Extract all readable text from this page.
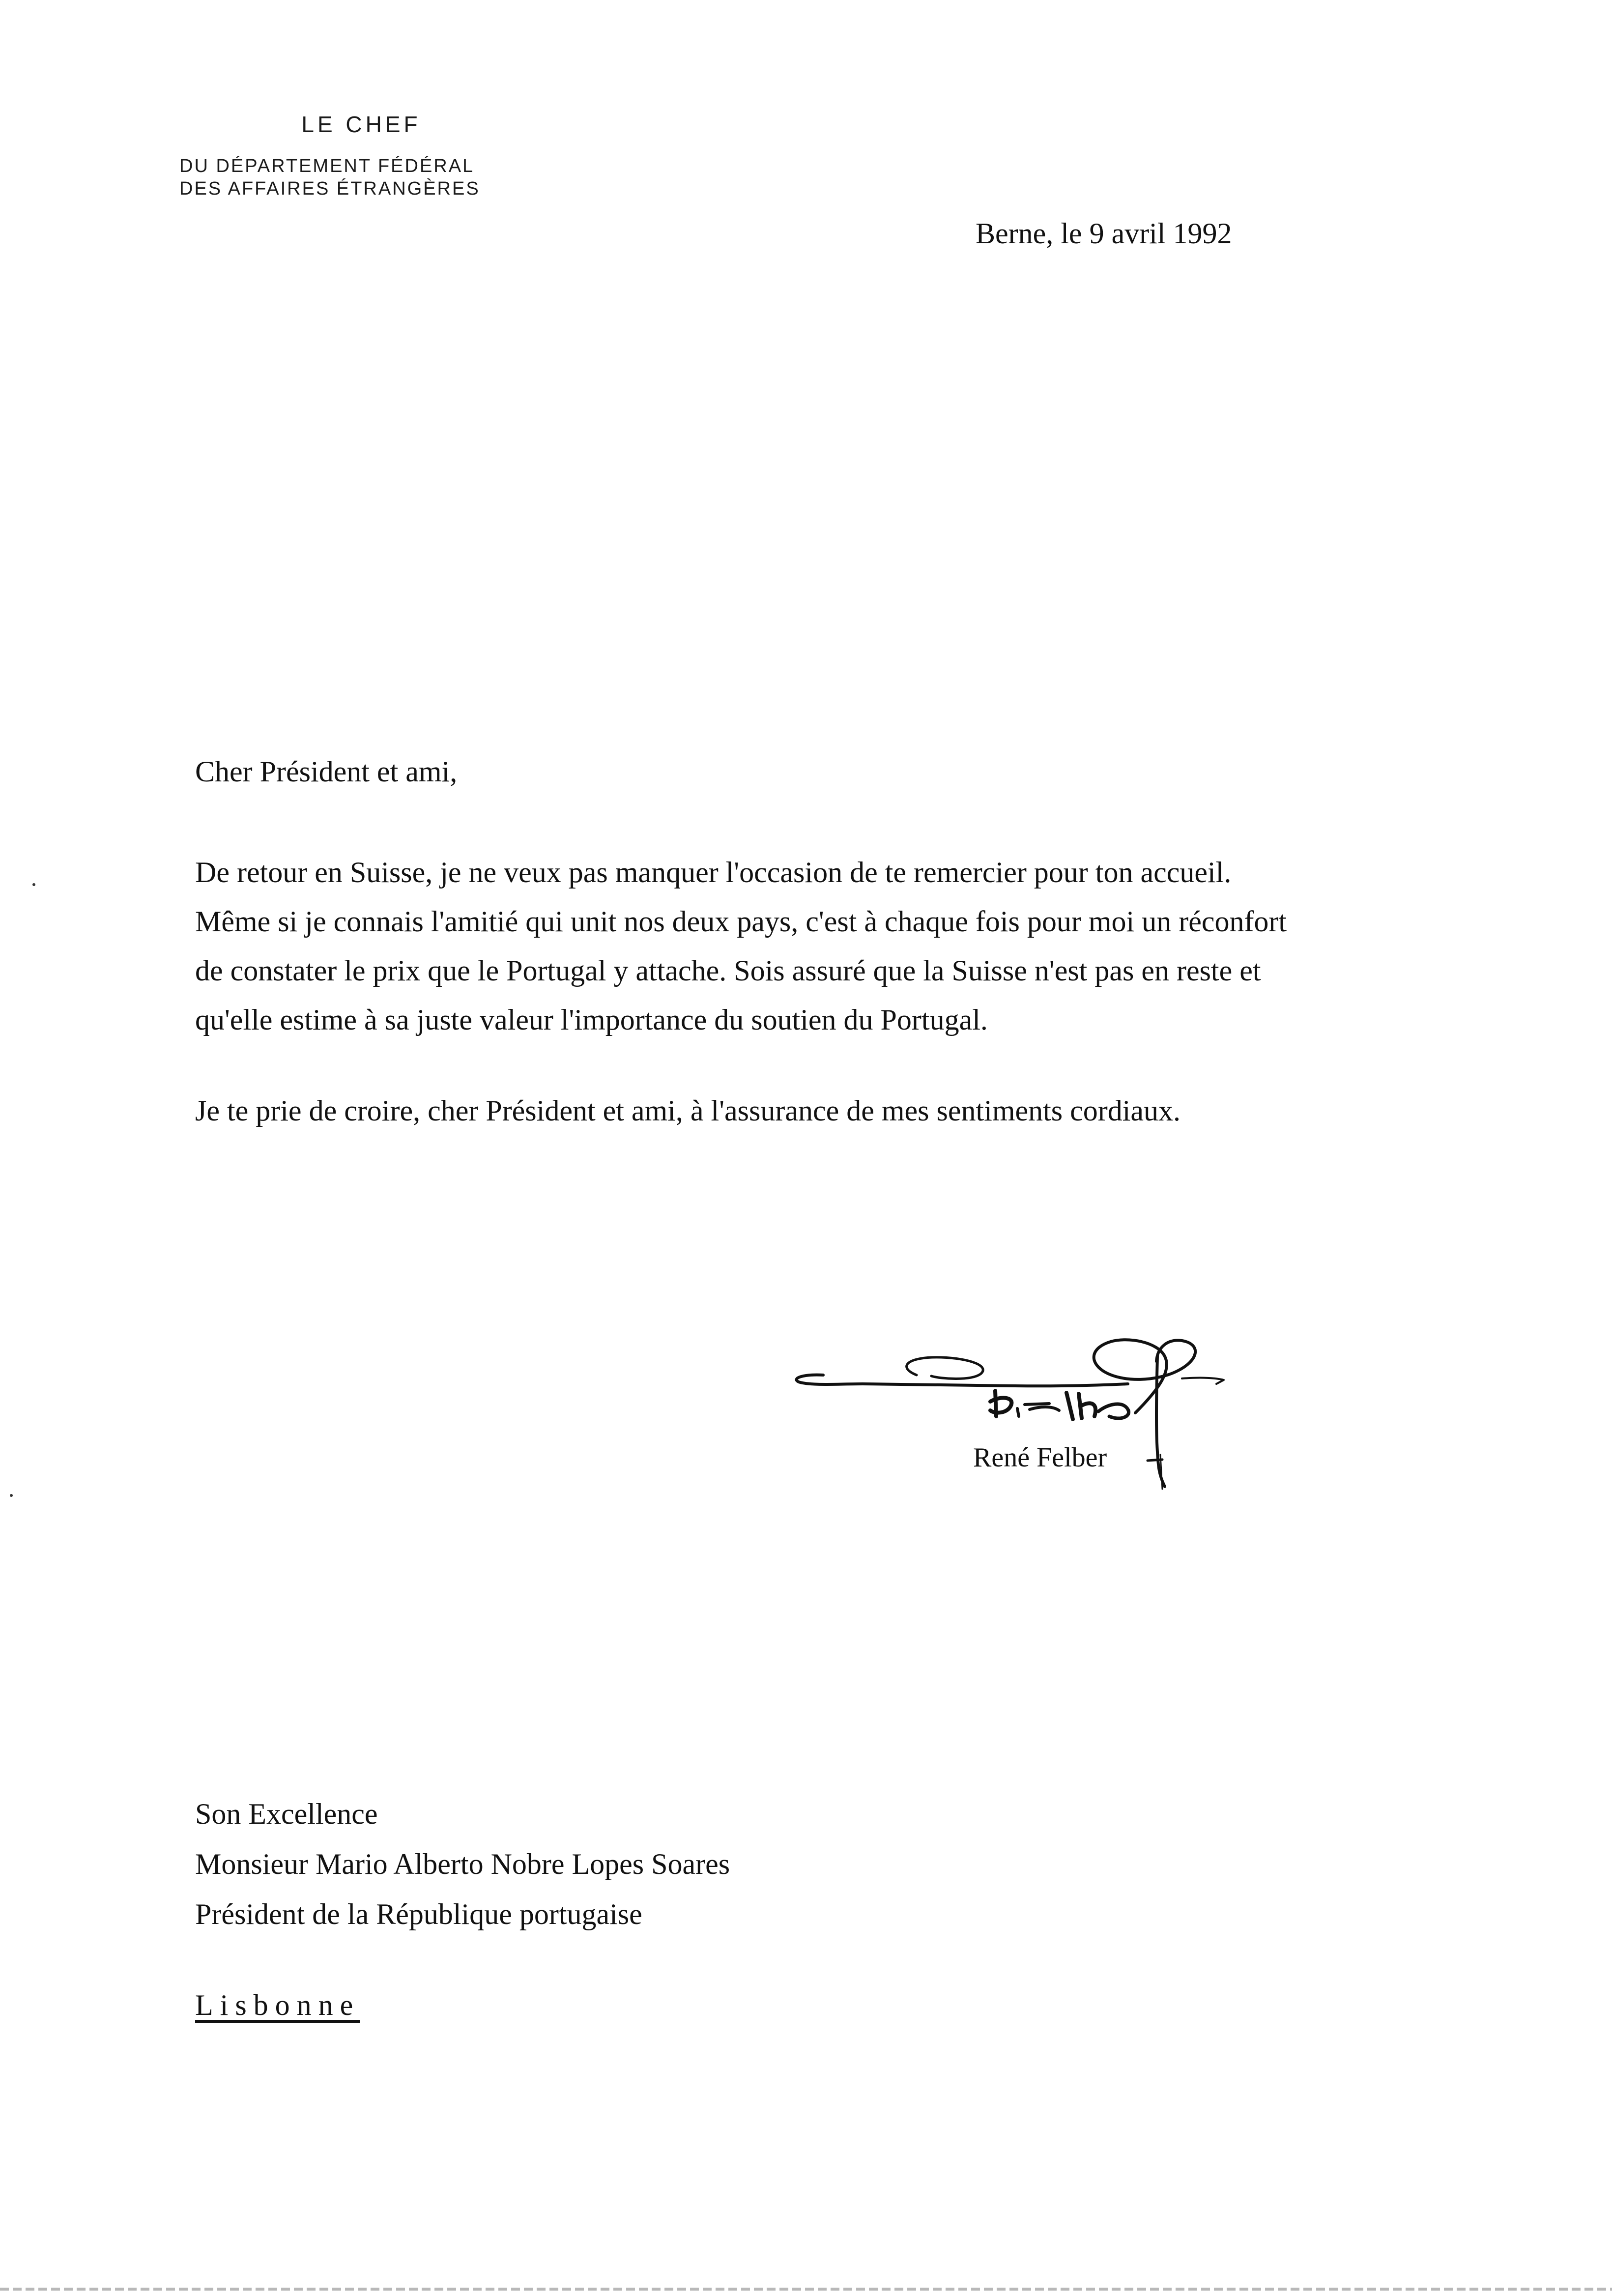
LE CHEF
DU DÉPARTEMENT FÉDÉRAL
DES AFFAIRES ÉTRANGÈRES
Berne, le 9 avril 1992
Cher Président et ami,

De retour en Suisse, je ne veux pas manquer l'occasion de te remercier pour ton accueil.
Même si je connais l'amitié qui unit nos deux pays, c'est à chaque fois pour moi un réconfort
de constater le prix que le Portugal y attache. Sois assuré que la Suisse n'est pas en reste et
qu'elle estime à sa juste valeur l'importance du soutien du Portugal.

Je te prie de croire, cher Président et ami, à l'assurance de mes sentiments cordiaux.
René Felber
Son Excellence
Monsieur Mario Alberto Nobre Lopes Soares
Président de la République portugaise
Lisbonne
